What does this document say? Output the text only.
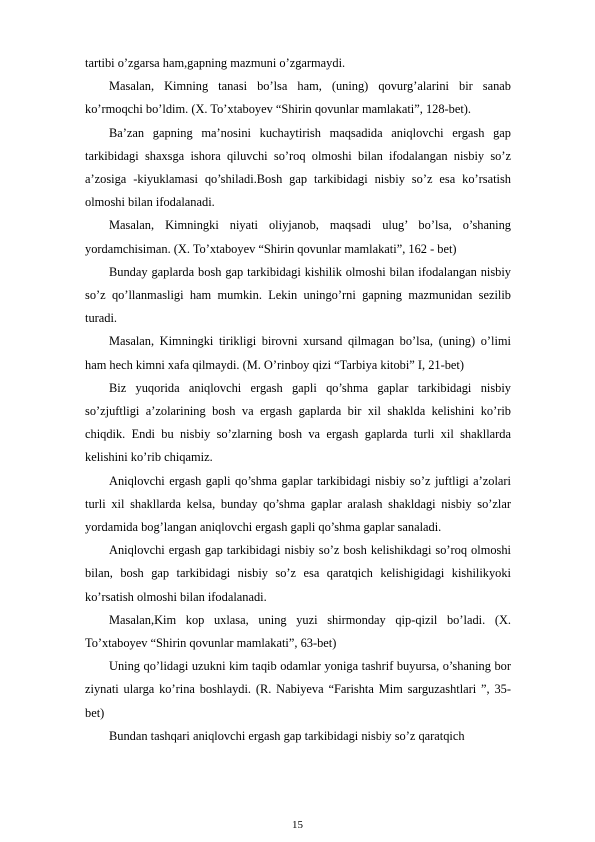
tartibi o’zgarsa ham,gapning mazmuni o’zgarmaydi.

Masalan, Kimning tanasi bo’lsa ham, (uning) qovurg’alarini bir sanab ko’rmoqchi bo’ldim. (X. To’xtaboyev “Shirin qovunlar mamlakati”, 128-bet).

Ba’zan gapning ma’nosini kuchaytirish maqsadida aniqlovchi ergash gap tarkibidagi shaxsga ishora qiluvchi so’roq olmoshi bilan ifodalangan nisbiy so’z a’zosiga -kiyuklamasi qo’shiladi.Bosh gap tarkibidagi nisbiy so’z esa ko’rsatish olmoshi bilan ifodalanadi.

Masalan, Kimningki niyati oliyjanob, maqsadi ulug’ bo’lsa, o’shaning yordamchisiman. (X. To’xtaboyev “Shirin qovunlar mamlakati”, 162 - bet)

Bunday gaplarda bosh gap tarkibidagi kishilik olmoshi bilan ifodalangan nisbiy so’z qo’llanmasligi ham mumkin. Lekin uningo’rni gapning mazmunidan sezilib turadi.

Masalan, Kimningki tirikligi birovni xursand qilmagan bo’lsa, (uning) o’limi ham hech kimni xafa qilmaydi. (M. O’rinboy qizi “Tarbiya kitobi” I, 21-bet)

Biz yuqorida aniqlovchi ergash gapli qo’shma gaplar tarkibidagi nisbiy so’zjuftligi a’zolarining bosh va ergash gaplarda bir xil shaklda kelishini ko’rib chiqdik. Endi bu nisbiy so’zlarning bosh va ergash gaplarda turli xil shakllarda kelishini ko’rib chiqamiz.

Aniqlovchi ergash gapli qo’shma gaplar tarkibidagi nisbiy so’z juftligi a’zolari turli xil shakllarda kelsa, bunday qo’shma gaplar aralash shakldagi nisbiy so’zlar yordamida bog’langan aniqlovchi ergash gapli qo’shma gaplar sanaladi.

Aniqlovchi ergash gap tarkibidagi nisbiy so’z bosh kelishikdagi so’roq olmoshi bilan, bosh gap tarkibidagi nisbiy so’z esa qaratqich kelishigidagi kishilikyoki ko’rsatish olmoshi bilan ifodalanadi.

Masalan,Kim kop uxlasa, uning yuzi shirmonday qip-qizil bo’ladi. (X. To’xtaboyev “Shirin qovunlar mamlakati”, 63-bet)

Uning qo’lidagi uzukni kim taqib odamlar yoniga tashrif buyursa, o’shaning bor ziynati ularga ko’rina boshlaydi. (R. Nabiyeva “Farishta Mim sarguzashtlari ”, 35-bet)

Bundan tashqari aniqlovchi ergash gap tarkibidagi nisbiy so’z qaratqich

15
